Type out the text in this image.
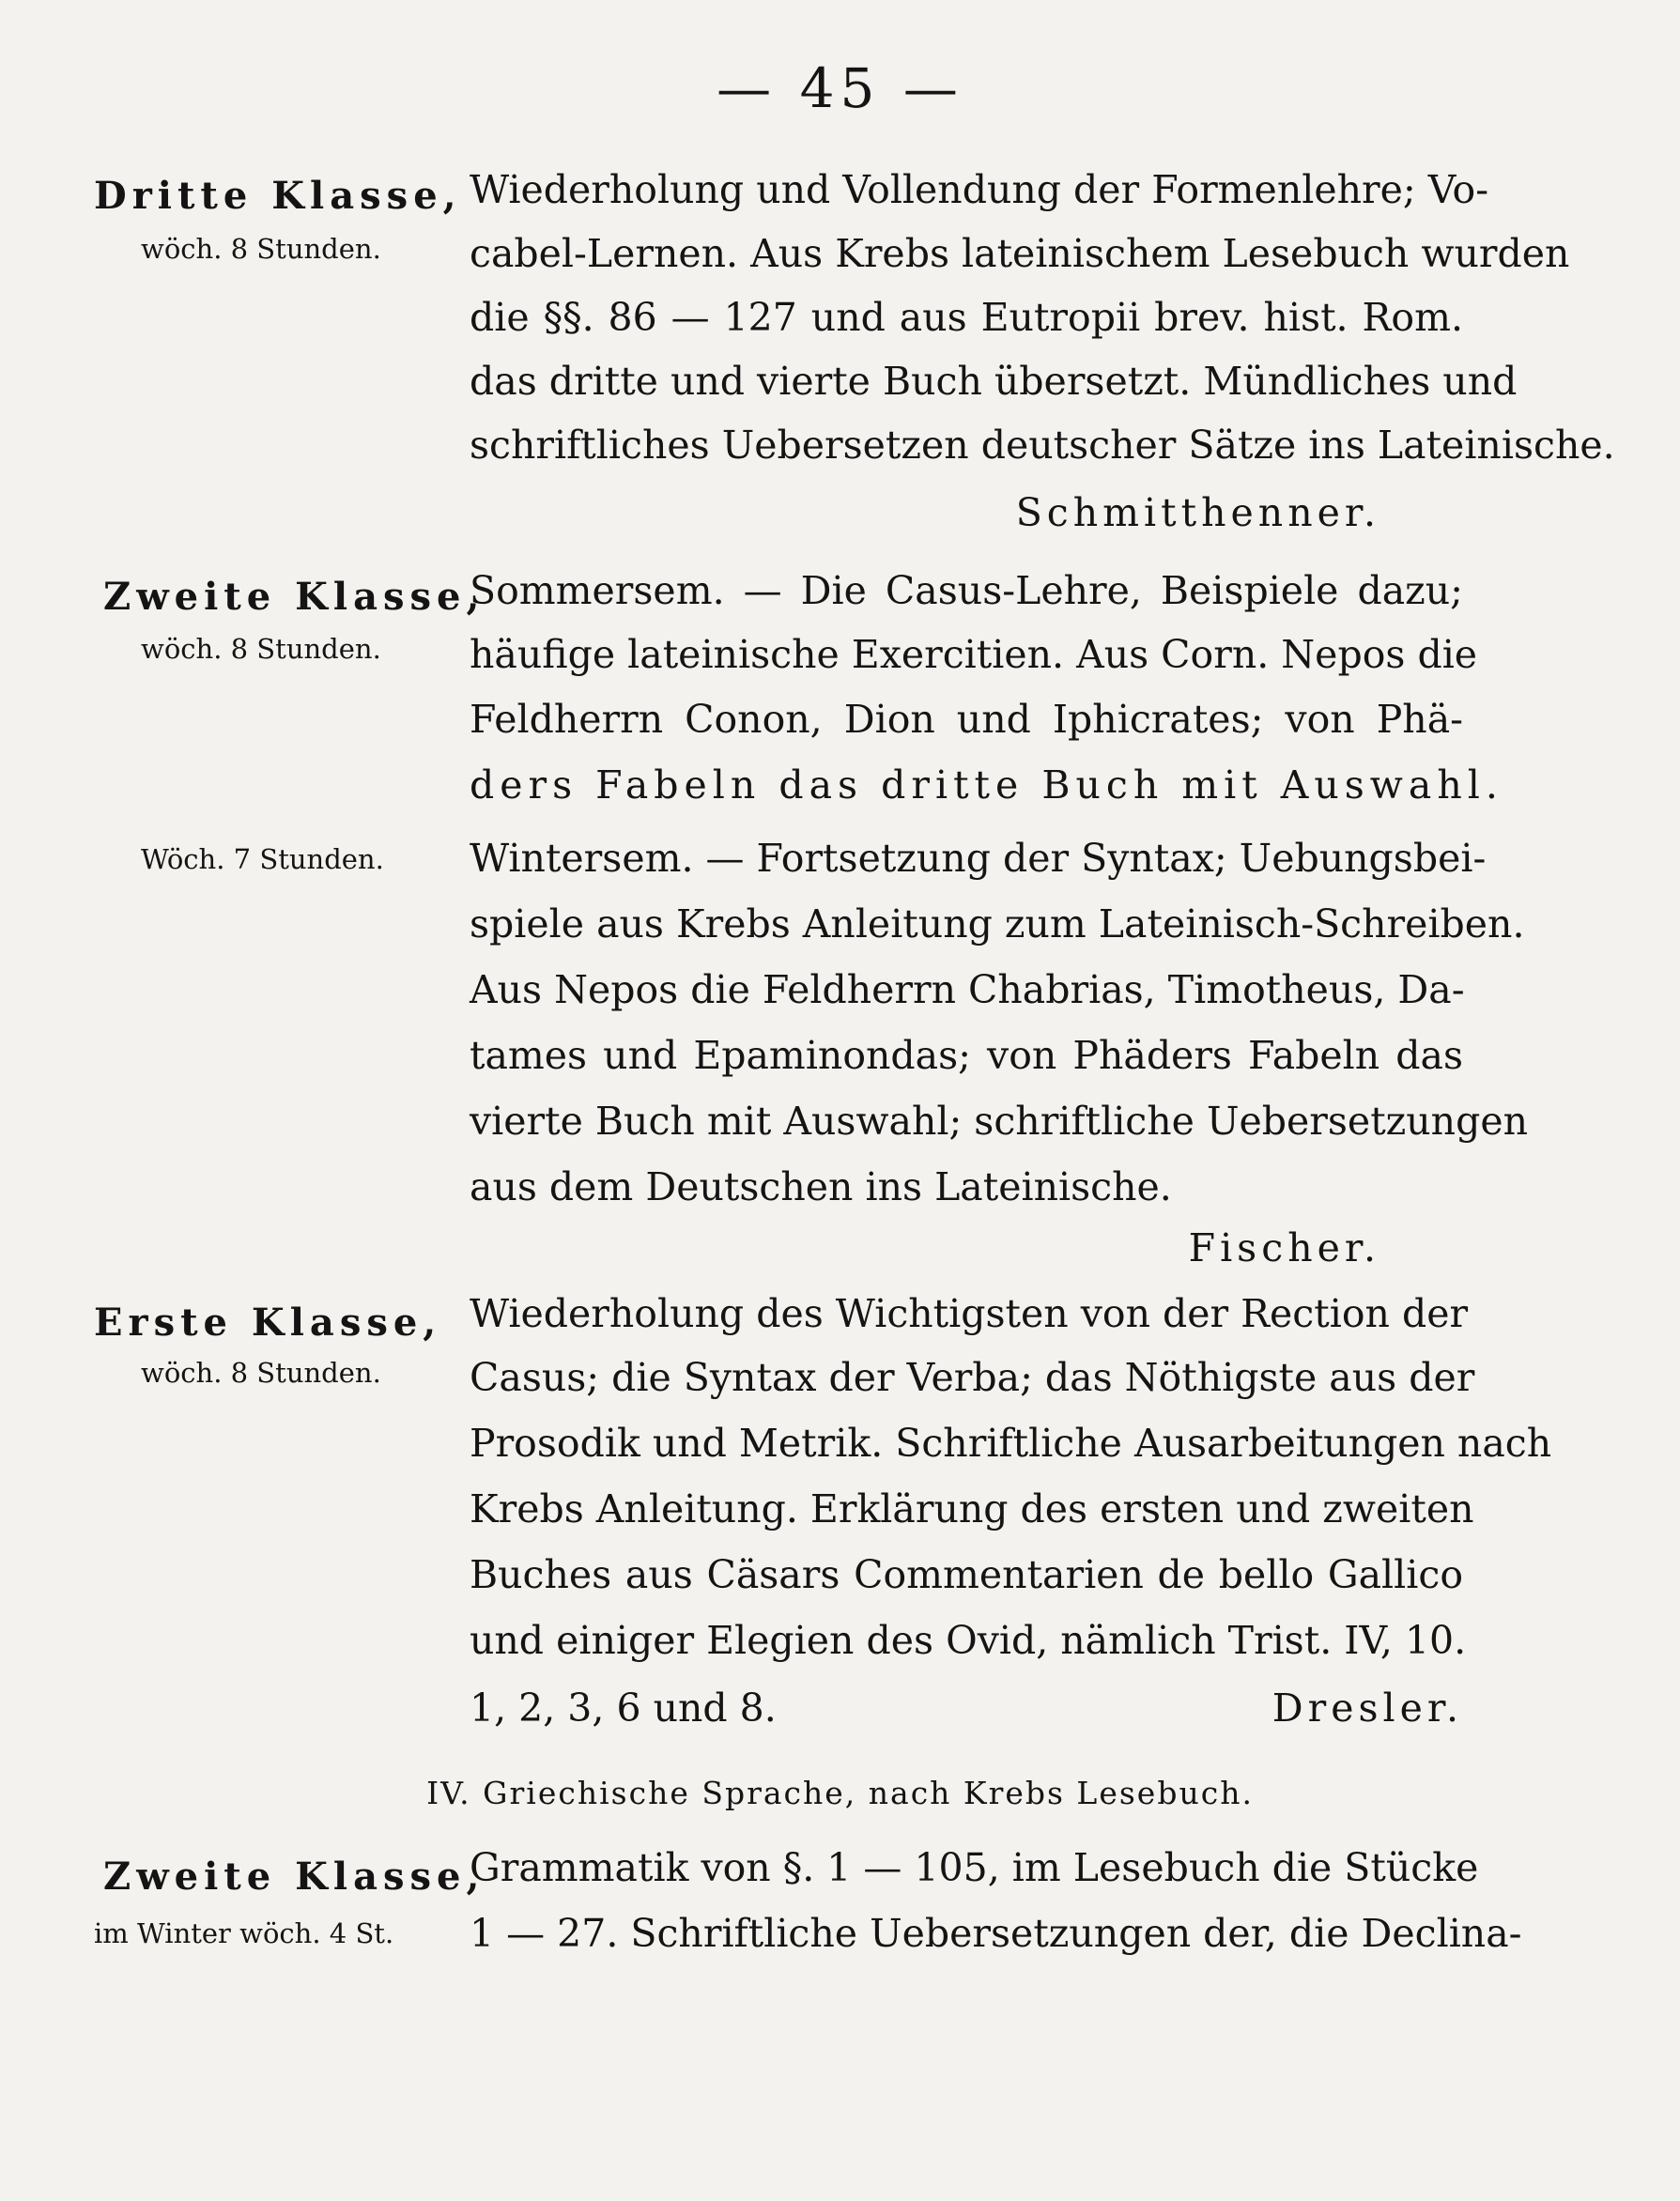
— 45 —
Dritte Klasse,
wöch. 8 Stunden.
Wiederholung und Vollendung der Formenlehre; Vo-
cabel-Lernen. Aus Krebs lateinischem Lesebuch wurden
die §§. 86 — 127 und aus Eutropii brev. hist. Rom.
das dritte und vierte Buch übersetzt. Mündliches und
schriftliches Uebersetzen deutscher Sätze ins Lateinische.
Schmitthenner.
Zweite Klasse,
wöch. 8 Stunden.
Sommersem. — Die Casus-Lehre, Beispiele dazu;
häufige lateinische Exercitien. Aus Corn. Nepos die
Feldherrn Conon, Dion und Iphicrates; von Phä-
ders Fabeln das dritte Buch mit Auswahl.
Wöch. 7 Stunden. Wintersem. — Fortsetzung der Syntax; Uebungsbei-
spiele aus Krebs Anleitung zum Lateinisch-Schreiben.
Aus Nepos die Feldherrn Chabrias, Timotheus, Da-
tames und Epaminondas; von Phäders Fabeln das
vierte Buch mit Auswahl; schriftliche Uebersetzungen
aus dem Deutschen ins Lateinische.
Fischer.
Erste Klasse,
wöch. 8 Stunden.
Wiederholung des Wichtigsten von der Rection der
Casus; die Syntax der Verba; das Nöthigste aus der
Prosodik und Metrik. Schriftliche Ausarbeitungen nach
Krebs Anleitung. Erklärung des ersten und zweiten
Buches aus Cäsars Commentarien de bello Gallico
und einiger Elegien des Ovid, nämlich Trist. IV, 10.
1, 2, 3, 6 und 8.	Dresler.
IV. Griechische Sprache, nach Krebs Lesebuch.
Zweite Klasse,
im Winter wöch. 4 St.
Grammatik von §. 1 — 105, im Lesebuch die Stücke
1 — 27. Schriftliche Uebersetzungen der, die Declina-
